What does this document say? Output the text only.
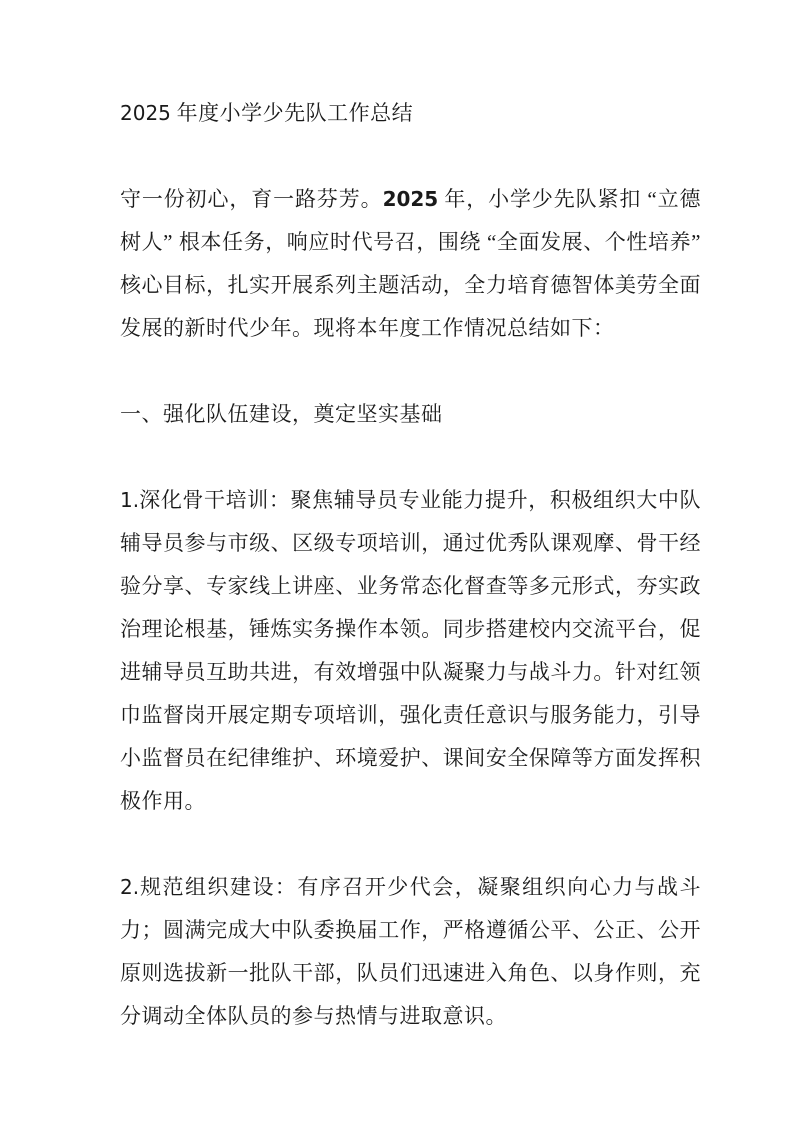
2025 年度小学少先队工作总结

守一份初心，育一路芬芳。2025 年，小学少先队紧扣 “立德树人” 根本任务，响应时代号召，围绕 “全面发展、个性培养” 核心目标，扎实开展系列主题活动，全力培育德智体美劳全面发展的新时代少年。现将本年度工作情况总结如下：

一、强化队伍建设，奠定坚实基础

1.深化骨干培训：聚焦辅导员专业能力提升，积极组织大中队辅导员参与市级、区级专项培训，通过优秀队课观摩、骨干经验分享、专家线上讲座、业务常态化督查等多元形式，夯实政治理论根基，锤炼实务操作本领。同步搭建校内交流平台，促进辅导员互助共进，有效增强中队凝聚力与战斗力。针对红领巾监督岗开展定期专项培训，强化责任意识与服务能力，引导小监督员在纪律维护、环境爱护、课间安全保障等方面发挥积极作用。

2.规范组织建设：有序召开少代会，凝聚组织向心力与战斗力；圆满完成大中队委换届工作，严格遵循公平、公正、公开原则选拔新一批队干部，队员们迅速进入角色、以身作则，充分调动全体队员的参与热情与进取意识。
